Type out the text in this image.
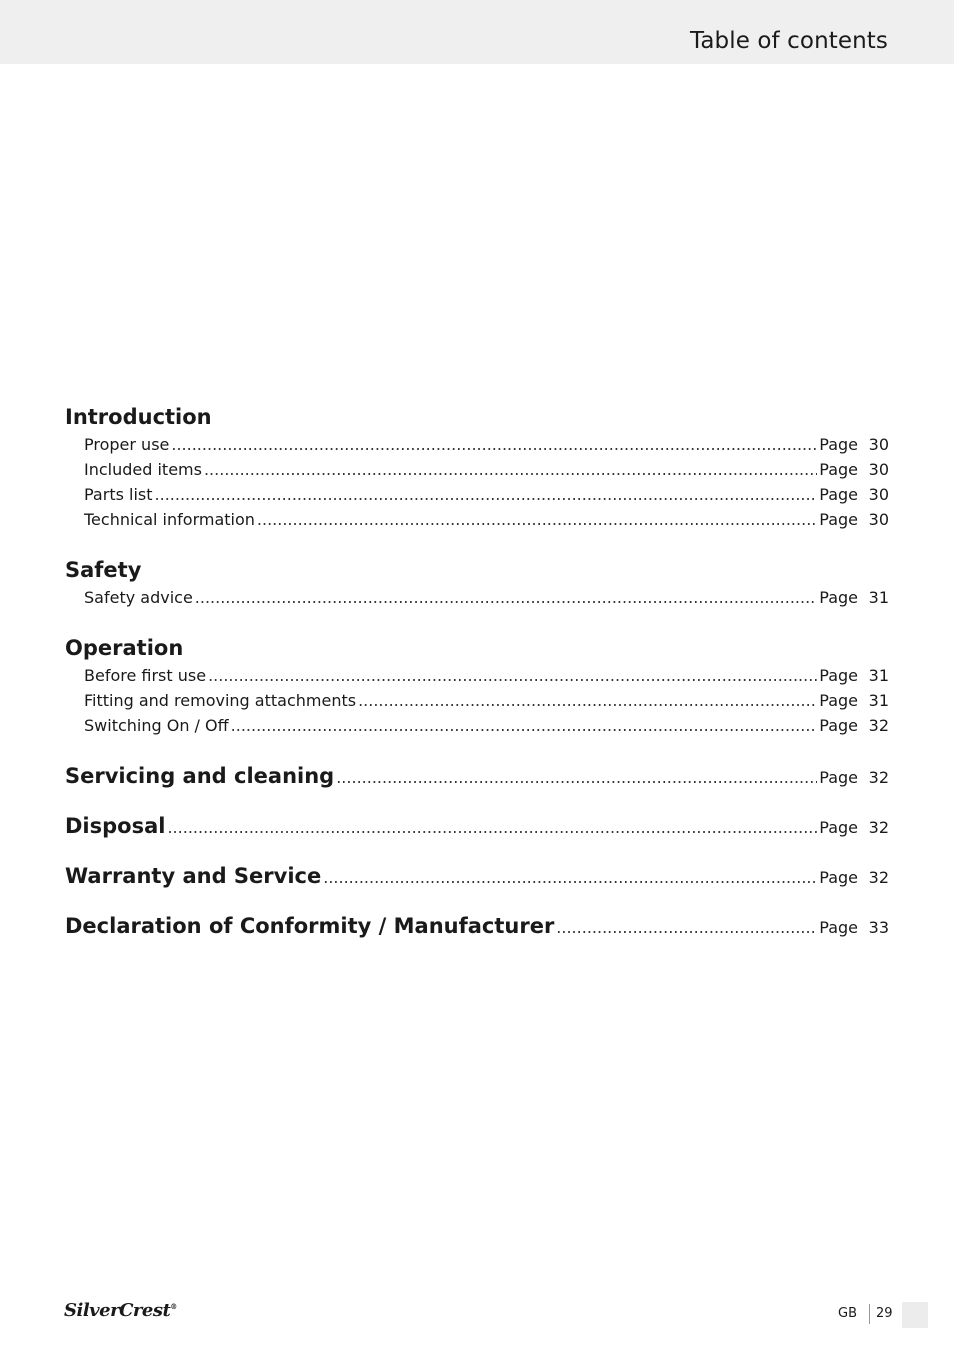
Table of contents
Introduction
Proper use .....	Page 30
Included items .....	Page 30
Parts list .....	Page 30
Technical information .....	Page 30
Safety
Safety advice .....	Page 31
Operation
Before first use .....	Page 31
Fitting and removing attachments .....	Page 31
Switching On / Off .....	Page 32
Servicing and cleaning .....	Page 32
Disposal .....	Page 32
Warranty and Service .....	Page 32
Declaration of Conformity / Manufacturer .....	Page 33
SilverCrest®	GB 29
